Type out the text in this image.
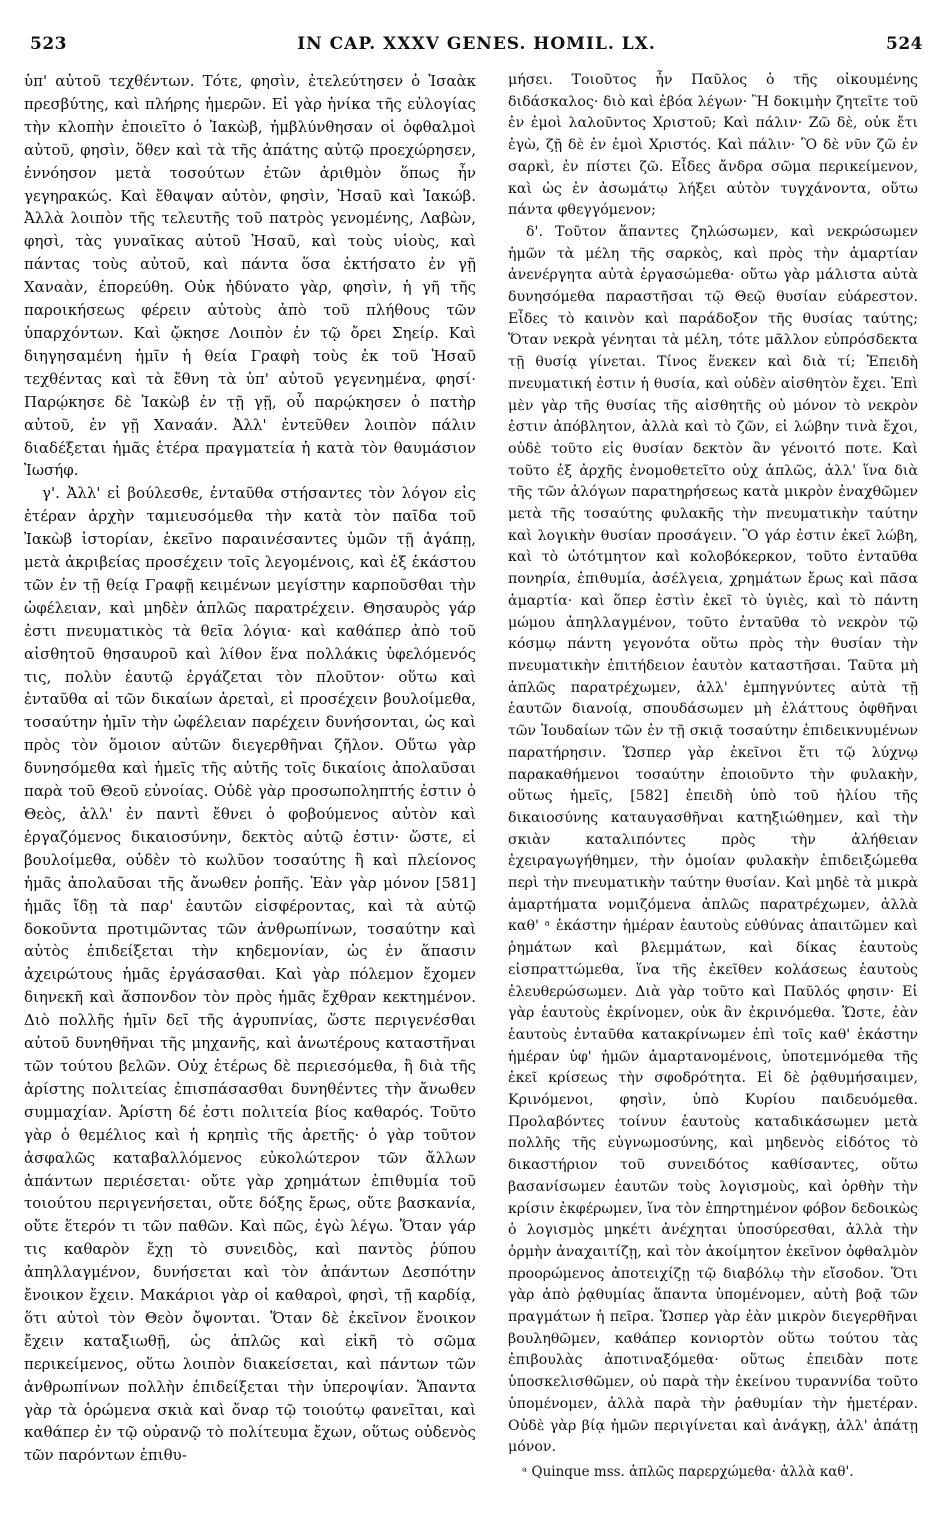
523	IN CAP. XXXV GENES. HOMIL. LX.	524

ὑπ' αὐτοῦ τεχθέντων. Τότε, φησὶν, ἐτελεύτησεν ὁ Ἰσαὰκ πρεσβύτης, καὶ πλήρης ἡμερῶν. Εἰ γὰρ ἡνίκα τῆς εὐλογίας τὴν κλοπὴν ἐποιεῖτο ὁ Ἰακὼβ, ἠμβλύνθησαν οἱ ὀφθαλμοὶ αὐτοῦ, φησὶν, ὅθεν καὶ τὰ τῆς ἀπάτης αὐτῷ προεχώρησεν, ἐννόησον μετὰ τοσούτων ἐτῶν ἀριθμὸν ὅπως ἦν γεγηρακώς. Καὶ ἔθαψαν αὐτὸν, φησὶν, Ἠσαῦ καὶ Ἰακώβ. Ἀλλὰ λοιπὸν τῆς τελευτῆς τοῦ πατρὸς γενομένης, Λαβὼν, φησὶ, τὰς γυναῖκας αὐτοῦ Ἠσαῦ, καὶ τοὺς υἱοὺς, καὶ πάντας τοὺς αὐτοῦ, καὶ πάντα ὅσα ἐκτήσατο ἐν γῇ Χαναὰν, ἐπορεύθη. Οὐκ ἠδύνατο γὰρ, φησὶν, ἡ γῆ τῆς παροικήσεως φέρειν αὐτοὺς ἀπὸ τοῦ πλήθους τῶν ὑπαρχόντων. Καὶ ᾤκησε Λοιπὸν ἐν τῷ ὄρει Σηείρ. Καὶ διηγησαμένη ἡμῖν ἡ θεία Γραφὴ τοὺς ἐκ τοῦ Ἠσαῦ τεχθέντας καὶ τὰ ἔθνη τὰ ὑπ' αὐτοῦ γεγενημένα, φησί· Παρῴκησε δὲ Ἰακὼβ ἐν τῇ γῇ, οὗ παρῴκησεν ὁ πατὴρ αὐτοῦ, ἐν γῇ Χαναάν. Ἀλλ' ἐντεῦθεν λοιπὸν πάλιν διαδέξεται ἡμᾶς ἑτέρα πραγματεία ἡ κατὰ τὸν θαυμάσιον Ἰωσήφ.

γ'. Ἀλλ' εἰ βούλεσθε, ἐνταῦθα στήσαντες τὸν λόγον εἰς ἑτέραν ἀρχὴν ταμιευσόμεθα τὴν κατὰ τὸν παῖδα τοῦ Ἰακὼβ ἱστορίαν, ἐκεῖνο παραινέσαντες ὑμῶν τῇ ἀγάπῃ, μετὰ ἀκριβείας προσέχειν τοῖς λεγομένοις, καὶ ἐξ ἑκάστου τῶν ἐν τῇ θείᾳ Γραφῇ κειμένων μεγίστην καρποῦσθαι τὴν ὠφέλειαν, καὶ μηδὲν ἁπλῶς παρατρέχειν. Θησαυρὸς γάρ ἐστι πνευματικὸς τὰ θεῖα λόγια· καὶ καθάπερ ἀπὸ τοῦ αἰσθητοῦ θησαυροῦ καὶ λίθον ἕνα πολλάκις ὑφελόμενός τις, πολὺν ἑαυτῷ ἐργάζεται τὸν πλοῦτον· οὕτω καὶ ἐνταῦθα αἱ τῶν δικαίων ἀρεταὶ, εἰ προσέχειν βουλοίμεθα, τοσαύτην ἡμῖν τὴν ὠφέλειαν παρέχειν δυνήσονται, ὡς καὶ πρὸς τὸν ὅμοιον αὐτῶν διεγερθῆναι ζῆλον. Οὕτω γὰρ δυνησόμεθα καὶ ἡμεῖς τῆς αὐτῆς τοῖς δικαίοις ἀπολαῦσαι παρὰ τοῦ Θεοῦ εὐνοίας. Οὐδὲ γὰρ προσωποληπτής ἐστιν ὁ Θεὸς, ἀλλ' ἐν παντὶ ἔθνει ὁ φοβούμενος αὐτὸν καὶ ἐργαζόμενος δικαιοσύνην, δεκτὸς αὐτῷ ἐστιν· ὥστε, εἰ βουλοίμεθα, οὐδὲν τὸ κωλῦον τοσαύτης ἢ καὶ πλείονος ἡμᾶς ἀπολαῦσαι τῆς ἄνωθεν ῥοπῆς. Ἐὰν γὰρ μόνον [581] ἡμᾶς ἴδῃ τὰ παρ' ἑαυτῶν εἰσφέροντας, καὶ τὰ αὐτῷ δοκοῦντα προτιμῶντας τῶν ἀνθρωπίνων, τοσαύτην καὶ αὐτὸς ἐπιδείξεται τὴν κηδεμονίαν, ὡς ἐν ἅπασιν ἀχειρώτους ἡμᾶς ἐργάσασθαι. Καὶ γὰρ πόλεμον ἔχομεν διηνεκῆ καὶ ἄσπονδον τὸν πρὸς ἡμᾶς ἔχθραν κεκτημένον. Διὸ πολλῆς ἡμῖν δεῖ τῆς ἀγρυπνίας, ὥστε περιγενέσθαι αὐτοῦ δυνηθῆναι τῆς μηχανῆς, καὶ ἀνωτέρους καταστῆναι τῶν τούτου βελῶν. Οὐχ ἑτέρως δὲ περιεσόμεθα, ἢ διὰ τῆς ἀρίστης πολιτείας ἐπισπάσασθαι δυνηθέντες τὴν ἄνωθεν συμμαχίαν. Ἀρίστη δέ ἐστι πολιτεία βίος καθαρός. Τοῦτο γὰρ ὁ θεμέλιος καὶ ἡ κρηπὶς τῆς ἀρετῆς· ὁ γὰρ τοῦτον ἀσφαλῶς καταβαλλόμενος εὐκολώτερον τῶν ἄλλων ἁπάντων περιέσεται· οὔτε γὰρ χρημάτων ἐπιθυμία τοῦ τοιούτου περιγενήσεται, οὔτε δόξης ἔρως, οὔτε βασκανία, οὔτε ἕτερόν τι τῶν παθῶν. Καὶ πῶς, ἐγὼ λέγω. Ὅταν γάρ τις καθαρὸν ἔχῃ τὸ συνειδὸς, καὶ παντὸς ῥύπου ἀπηλλαγμένον, δυνήσεται καὶ τὸν ἁπάντων Δεσπότην ἔνοικον ἔχειν. Μακάριοι γὰρ οἱ καθαροὶ, φησὶ, τῇ καρδίᾳ, ὅτι αὐτοὶ τὸν Θεὸν ὄψονται. Ὅταν δὲ ἐκεῖνον ἔνοικον ἔχειν καταξιωθῇ, ὡς ἁπλῶς καὶ εἰκῆ τὸ σῶμα περικείμενος, οὕτω λοιπὸν διακείσεται, καὶ πάντων τῶν ἀνθρωπίνων πολλὴν ἐπιδείξεται τὴν ὑπεροψίαν. Ἅπαντα γὰρ τὰ ὁρώμενα σκιὰ καὶ ὄναρ τῷ τοιούτῳ φανεῖται, καὶ καθάπερ ἐν τῷ οὐρανῷ τὸ πολίτευμα ἔχων, οὕτως οὐδενὸς τῶν παρόντων ἐπιθυ-

μήσει. Τοιοῦτος ἦν Παῦλος ὁ τῆς οἰκουμένης διδάσκαλος· διὸ καὶ ἐβόα λέγων· Ἢ δοκιμὴν ζητεῖτε τοῦ ἐν ἐμοὶ λαλοῦντος Χριστοῦ; Καὶ πάλιν· Ζῶ δὲ, οὐκ ἔτι ἐγὼ, ζῇ δὲ ἐν ἐμοὶ Χριστός. Καὶ πάλιν· Ὃ δὲ νῦν ζῶ ἐν σαρκὶ, ἐν πίστει ζῶ. Εἶδες ἄνδρα σῶμα περικείμενον, καὶ ὡς ἐν ἀσωμάτῳ λήξει αὐτὸν τυγχάνοντα, οὕτω πάντα φθεγγόμενον;

δ'. Τοῦτον ἅπαντες ζηλώσωμεν, καὶ νεκρώσωμεν ἡμῶν τὰ μέλη τῆς σαρκὸς, καὶ πρὸς τὴν ἁμαρτίαν ἀνενέργητα αὐτὰ ἐργασώμεθα· οὕτω γὰρ μάλιστα αὐτὰ δυνησόμεθα παραστῆσαι τῷ Θεῷ θυσίαν εὐάρεστον. Εἶδες τὸ καινὸν καὶ παράδοξον τῆς θυσίας ταύτης; Ὅταν νεκρὰ γένηται τὰ μέλη, τότε μᾶλλον εὐπρόσδεκτα τῇ θυσίᾳ γίνεται. Τίνος ἕνεκεν καὶ διὰ τί; Ἐπειδὴ πνευματική ἐστιν ἡ θυσία, καὶ οὐδὲν αἰσθητὸν ἔχει. Ἐπὶ μὲν γὰρ τῆς θυσίας τῆς αἰσθητῆς οὐ μόνον τὸ νεκρὸν ἐστιν ἀπόβλητον, ἀλλὰ καὶ τὸ ζῶν, εἰ λώβην τινὰ ἔχοι, οὐδὲ τοῦτο εἰς θυσίαν δεκτὸν ἂν γένοιτό ποτε. Καὶ τοῦτο ἐξ ἀρχῆς ἐνομοθετεῖτο οὐχ ἁπλῶς, ἀλλ' ἵνα διὰ τῆς τῶν ἀλόγων παρατηρήσεως κατὰ μικρὸν ἐναχθῶμεν μετὰ τῆς τοσαύτης φυλακῆς τὴν πνευματικὴν ταύτην καὶ λογικὴν θυσίαν προσάγειν. Ὃ γάρ ἐστιν ἐκεῖ λώβη, καὶ τὸ ὠτότμητον καὶ κολοβόκερκον, τοῦτο ἐνταῦθα πονηρία, ἐπιθυμία, ἀσέλγεια, χρημάτων ἔρως καὶ πᾶσα ἁμαρτία· καὶ ὅπερ ἐστὶν ἐκεῖ τὸ ὑγιὲς, καὶ τὸ πάντη μώμου ἀπηλλαγμένον, τοῦτο ἐνταῦθα τὸ νεκρὸν τῷ κόσμῳ πάντη γεγονότα οὕτω πρὸς τὴν θυσίαν τὴν πνευματικὴν ἐπιτήδειον ἑαυτὸν καταστῆσαι. Ταῦτα μὴ ἁπλῶς παρατρέχωμεν, ἀλλ' ἐμπηγνύντες αὐτὰ τῇ ἑαυτῶν διανοίᾳ, σπουδάσωμεν μὴ ἐλάττους ὀφθῆναι τῶν Ἰουδαίων τῶν ἐν τῇ σκιᾷ τοσαύτην ἐπιδεικνυμένων παρατήρησιν. Ὥσπερ γὰρ ἐκεῖνοι ἔτι τῷ λύχνῳ παρακαθήμενοι τοσαύτην ἐποιοῦντο τὴν φυλακὴν, οὕτως ἡμεῖς, [582] ἐπειδὴ ὑπὸ τοῦ ἡλίου τῆς δικαιοσύνης καταυγασθῆναι κατηξιώθημεν, καὶ τὴν σκιὰν καταλιπόντες πρὸς τὴν ἀλήθειαν ἐχειραγωγήθημεν, τὴν ὁμοίαν φυλακὴν ἐπιδειξώμεθα περὶ τὴν πνευματικὴν ταύτην θυσίαν. Καὶ μηδὲ τὰ μικρὰ ἁμαρτήματα νομιζόμενα ἁπλῶς παρατρέχωμεν, ἀλλὰ καθ' ᵃ ἑκάστην ἡμέραν ἑαυτοὺς εὐθύνας ἀπαιτῶμεν καὶ ῥημάτων καὶ βλεμμάτων, καὶ δίκας ἑαυτοὺς εἰσπραττώμεθα, ἵνα τῆς ἐκεῖθεν κολάσεως ἑαυτοὺς ἐλευθερώσωμεν. Διὰ γὰρ τοῦτο καὶ Παῦλός φησιν· Εἰ γὰρ ἑαυτοὺς ἐκρίνομεν, οὐκ ἂν ἐκρινόμεθα. Ὥστε, ἐὰν ἑαυτοὺς ἐνταῦθα κατακρίνωμεν ἐπὶ τοῖς καθ' ἑκάστην ἡμέραν ὑφ' ἡμῶν ἁμαρτανομένοις, ὑποτεμνόμεθα τῆς ἐκεῖ κρίσεως τὴν σφοδρότητα. Εἰ δὲ ῥᾳθυμήσαιμεν, Κρινόμενοι, φησὶν, ὑπὸ Κυρίου παιδευόμεθα. Προλαβόντες τοίνυν ἑαυτοὺς καταδικάσωμεν μετὰ πολλῆς τῆς εὐγνωμοσύνης, καὶ μηδενὸς εἰδότος τὸ δικαστήριον τοῦ συνειδότος καθίσαντες, οὕτω βασανίσωμεν ἑαυτῶν τοὺς λογισμοὺς, καὶ ὀρθὴν τὴν κρίσιν ἐκφέρωμεν, ἵνα τὸν ἐπηρτημένον φόβον δεδοικὼς ὁ λογισμὸς μηκέτι ἀνέχηται ὑποσύρεσθαι, ἀλλὰ τὴν ὁρμὴν ἀναχαιτίζῃ, καὶ τὸν ἀκοίμητον ἐκεῖνον ὀφθαλμὸν προορώμενος ἀποτειχίζῃ τῷ διαβόλῳ τὴν εἴσοδον. Ὅτι γὰρ ἀπὸ ῥᾳθυμίας ἅπαντα ὑπομένομεν, αὐτὴ βοᾷ τῶν πραγμάτων ἡ πεῖρα. Ὥσπερ γὰρ ἐὰν μικρὸν διεγερθῆναι βουληθῶμεν, καθάπερ κονιορτὸν οὕτω τούτου τὰς ἐπιβουλὰς ἀποτιναξόμεθα· οὕτως ἐπειδὰν ποτε ὑποσκελισθῶμεν, οὐ παρὰ τὴν ἐκείνου τυραννίδα τοῦτο ὑπομένομεν, ἀλλὰ παρὰ τὴν ῥαθυμίαν τὴν ἡμετέραν. Οὐδὲ γὰρ βίᾳ ἡμῶν περιγίνεται καὶ ἀνάγκῃ, ἀλλ' ἀπάτῃ μόνον.

ᵃ Quinque mss. ἁπλῶς παρερχώμεθα· ἀλλὰ καθ'.
